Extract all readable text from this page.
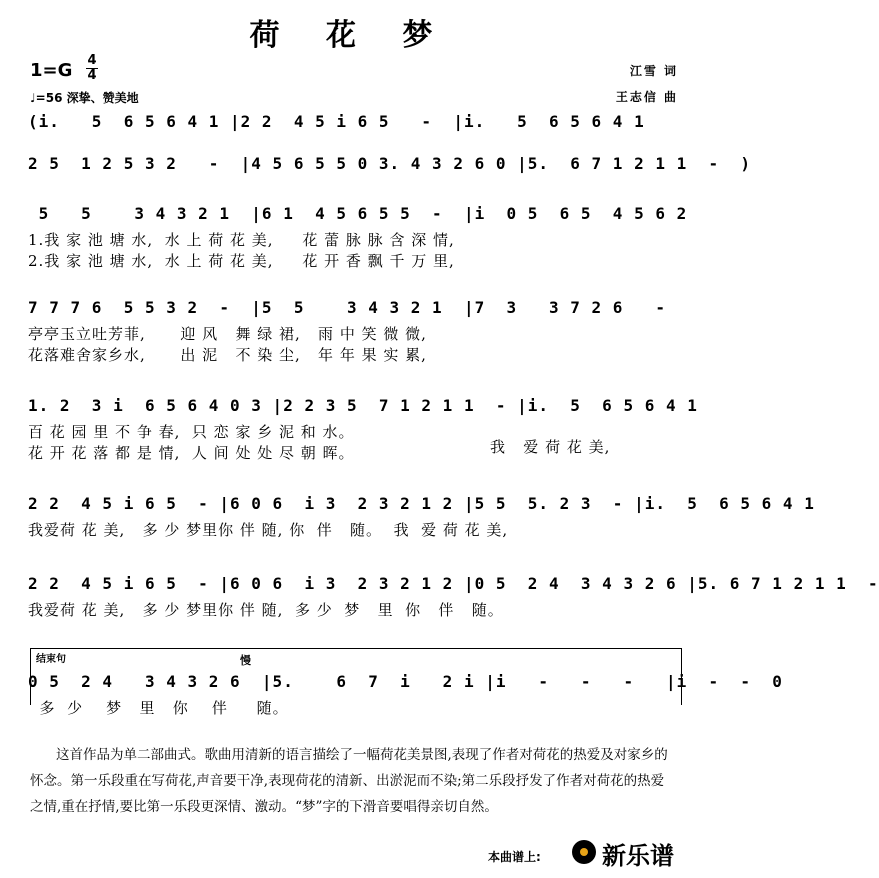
荷 花 梦
1=G 4
4
♩=56 深挚、赞美地
江雪 词
王志信 曲
(i.   5  6 5 6 4 1 |2 2  4 5 i 6 5   -  |i.   5  6 5 6 4 1
2 5  1 2 5 3 2   -  |4 5 6 5 5 0 3. 4 3 2 6 0 |5.  6 7 1 2 1 1  -  )
5   5    3 4 3 2 1  |6 1  4 5 6 5 5  -  |i  0 5  6 5  4 5 6 2
1.我 家 池 塘 水,  水 上 荷 花 美,     花 蕾 脉 脉 含 深 情,
2.我 家 池 塘 水,  水 上 荷 花 美,     花 开 香 飘 千 万 里,
7 7 7 6  5 5 3 2  -  |5  5    3 4 3 2 1  |7  3   3 7 2 6   -
亭亭玉立吐芳菲,      迎 风   舞 绿 裙,   雨 中 笑 微 微,
花落难舍家乡水,      出 泥   不 染 尘,   年 年 果 实 累,
1. 2  3 i  6 5 6 4 0 3 |2 2 3 5  7 1 2 1 1  - |i.  5  6 5 6 4 1
百 花 园 里 不 争 春,  只 恋 家 乡 泥 和 水。
花 开 花 落 都 是 情,  人 间 处 处 尽 朝 晖。	我   爱 荷 花 美,
2 2  4 5 i 6 5  - |6 0 6  i 3  2 3 2 1 2 |5 5  5. 2 3  - |i.  5  6 5 6 4 1
我爱荷 花 美,   多 少 梦里你 伴 随, 你  伴   随。  我  爱 荷 花 美,
2 2  4 5 i 6 5  - |6 0 6  i 3  2 3 2 1 2 |0 5  2 4  3 4 3 2 6 |5. 6 7 1 2 1 1  -
我爱荷 花 美,   多 少 梦里你 伴 随,  多 少  梦   里  你   伴   随。
结束句	慢
0 5  2 4   3 4 3 2 6  |5.    6  7  i   2 i |i   -   -   -   |i  -  -  0
多  少    梦   里   你    伴     随。
这首作品为单二部曲式。歌曲用清新的语言描绘了一幅荷花美景图,表现了作者对荷花的热爱及对家乡的怀念。第一乐段重在写荷花,声音要干净,表现荷花的清新、出淤泥而不染;第二乐段抒发了作者对荷花的热爱之情,重在抒情,要比第一乐段更深情、激动。“梦”字的下滑音要唱得亲切自然。
本曲谱上:	新乐谱
